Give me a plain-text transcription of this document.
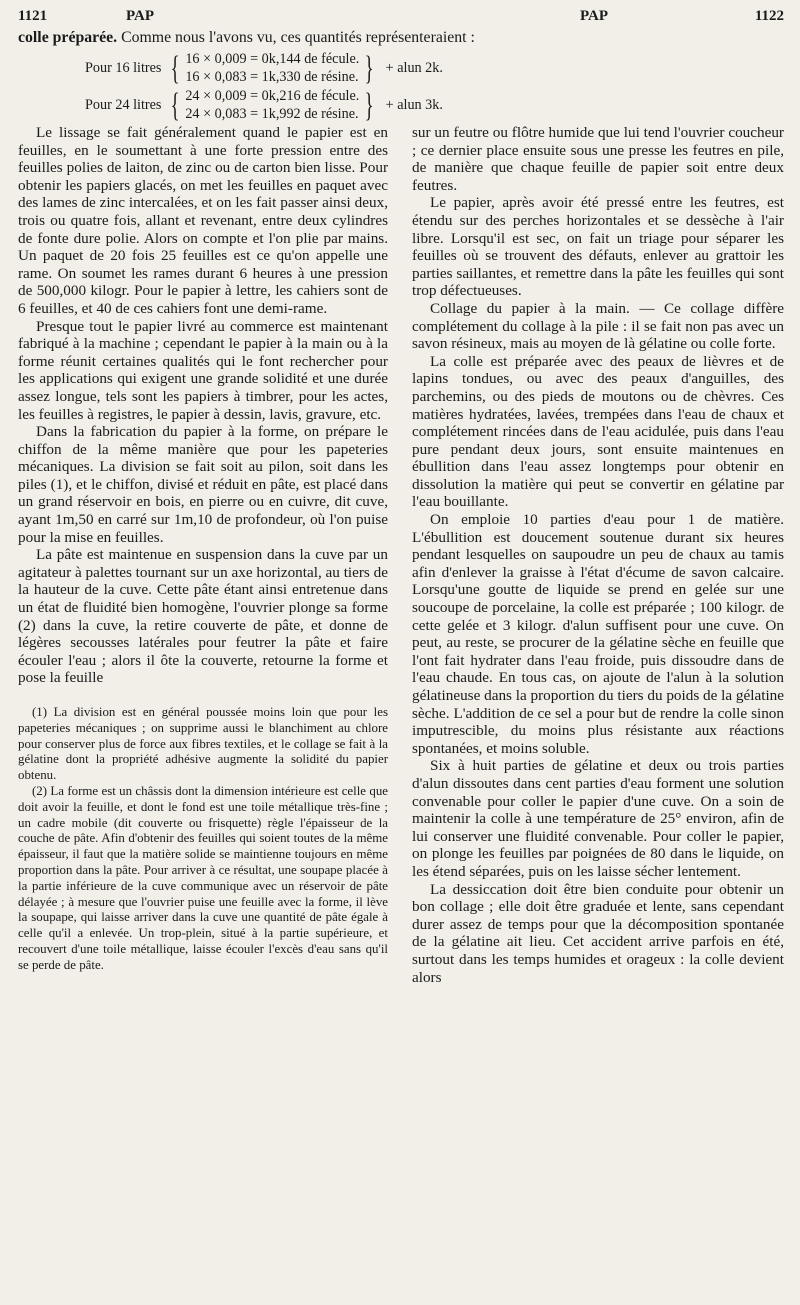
1121	PAP	PAP	1122
colle préparée. Comme nous l'avons vu, ces quantités représenteraient :
Pour 16 litres { 16 × 0,009 = 0k,144 de fécule.
16 × 0,083 = 1k,330 de résine. } + alun 2k.
Pour 24 litres { 24 × 0,009 = 0k,216 de fécule.
24 × 0,083 = 1k,992 de résine. } + alun 3k.

Le lissage se fait généralement quand le papier est en feuilles, en le soumettant à une forte pression entre des feuilles polies de laiton, de zinc ou de carton bien lisse. Pour obtenir les papiers glacés, on met les feuilles en paquet avec des lames de zinc intercalées, et on les fait passer ainsi deux, trois ou quatre fois, allant et revenant, entre deux cylindres de fonte dure polie. Alors on compte et l'on plie par mains. Un paquet de 20 fois 25 feuilles est ce qu'on appelle une rame. On soumet les rames durant 6 heures à une pression de 500,000 kilogr. Pour le papier à lettre, les cahiers sont de 6 feuilles, et 40 de ces cahiers font une demi-rame.

Presque tout le papier livré au commerce est maintenant fabriqué à la machine ; cependant le papier à la main ou à la forme réunit certaines qualités qui le font rechercher pour les applications qui exigent une grande solidité et une durée assez longue, tels sont les papiers à timbrer, pour les actes, les feuilles à registres, le papier à dessin, lavis, gravure, etc.

Dans la fabrication du papier à la forme, on prépare le chiffon de la même manière que pour les papeteries mécaniques. La division se fait soit au pilon, soit dans les piles (1), et le chiffon, divisé et réduit en pâte, est placé dans un grand réservoir en bois, en pierre ou en cuivre, dit cuve, ayant 1m,50 en carré sur 1m,10 de profondeur, où l'on puise pour la mise en feuilles.

La pâte est maintenue en suspension dans la cuve par un agitateur à palettes tournant sur un axe horizontal, au tiers de la hauteur de la cuve. Cette pâte étant ainsi entretenue dans un état de fluidité bien homogène, l'ouvrier plonge sa forme (2) dans la cuve, la retire couverte de pâte, et donne de légères secousses latérales pour feutrer la pâte et faire écouler l'eau ; alors il ôte la couverte, retourne la forme et pose la feuille

(1) La division est en général poussée moins loin que pour les papeteries mécaniques ; on supprime aussi le blanchiment au chlore pour conserver plus de force aux fibres textiles, et le collage se fait à la gélatine dont la propriété adhésive augmente la solidité du papier obtenu.

(2) La forme est un châssis dont la dimension intérieure est celle que doit avoir la feuille, et dont le fond est une toile métallique très-fine ; un cadre mobile (dit couverte ou frisquette) règle l'épaisseur de la couche de pâte. Afin d'obtenir des feuilles qui soient toutes de la même épaisseur, il faut que la matière solide se maintienne toujours en même proportion dans la pâte. Pour arriver à ce résultat, une soupape placée à la partie inférieure de la cuve communique avec un réservoir de pâte délayée ; à mesure que l'ouvrier puise une feuille avec la forme, il lève la soupape, qui laisse arriver dans la cuve une quantité de pâte égale à celle qu'il a enlevée. Un trop-plein, situé à la partie supérieure, et recouvert d'une toile métallique, laisse écouler l'excès d'eau sans qu'il se perde de pâte.

sur un feutre ou flôtre humide que lui tend l'ouvrier coucheur ; ce dernier place ensuite sous une presse les feutres en pile, de manière que chaque feuille de papier soit entre deux feutres.

Le papier, après avoir été pressé entre les feutres, est étendu sur des perches horizontales et se dessèche à l'air libre. Lorsqu'il est sec, on fait un triage pour séparer les feuilles où se trouvent des défauts, enlever au grattoir les parties saillantes, et remettre dans la pâte les feuilles qui sont trop défectueuses.

Collage du papier à la main. — Ce collage diffère complétement du collage à la pile : il se fait non pas avec un savon résineux, mais au moyen de là gélatine ou colle forte.

La colle est préparée avec des peaux de lièvres et de lapins tondues, ou avec des peaux d'anguilles, des parchemins, ou des pieds de moutons ou de chèvres. Ces matières hydratées, lavées, trempées dans l'eau de chaux et complétement rincées dans de l'eau acidulée, puis dans l'eau pure pendant deux jours, sont ensuite maintenues en ébullition dans l'eau assez longtemps pour obtenir en dissolution la matière qui peut se convertir en gélatine par l'eau bouillante.

On emploie 10 parties d'eau pour 1 de matière. L'ébullition est doucement soutenue durant six heures pendant lesquelles on saupoudre un peu de chaux au tamis afin d'enlever la graisse à l'état d'écume de savon calcaire. Lorsqu'une goutte de liquide se prend en gelée sur une soucoupe de porcelaine, la colle est préparée ; 100 kilogr. de cette gelée et 3 kilogr. d'alun suffisent pour une cuve. On peut, au reste, se procurer de la gélatine sèche en feuille que l'ont fait hydrater dans l'eau froide, puis dissoudre dans de l'eau chaude. En tous cas, on ajoute de l'alun à la solution gélatineuse dans la proportion du tiers du poids de la gélatine sèche. L'addition de ce sel a pour but de rendre la colle sinon imputrescible, du moins plus résistante aux réactions spontanées, et moins soluble.

Six à huit parties de gélatine et deux ou trois parties d'alun dissoutes dans cent parties d'eau forment une solution convenable pour coller le papier d'une cuve. On a soin de maintenir la colle à une température de 25° environ, afin de lui conserver une fluidité convenable. Pour coller le papier, on plonge les feuilles par poignées de 80 dans le liquide, on les étend séparées, puis on les laisse sécher lentement.

La dessiccation doit être bien conduite pour obtenir un bon collage ; elle doit être graduée et lente, sans cependant durer assez de temps pour que la décomposition spontanée de la gélatine ait lieu. Cet accident arrive parfois en été, surtout dans les temps humides et orageux : la colle devient alors
